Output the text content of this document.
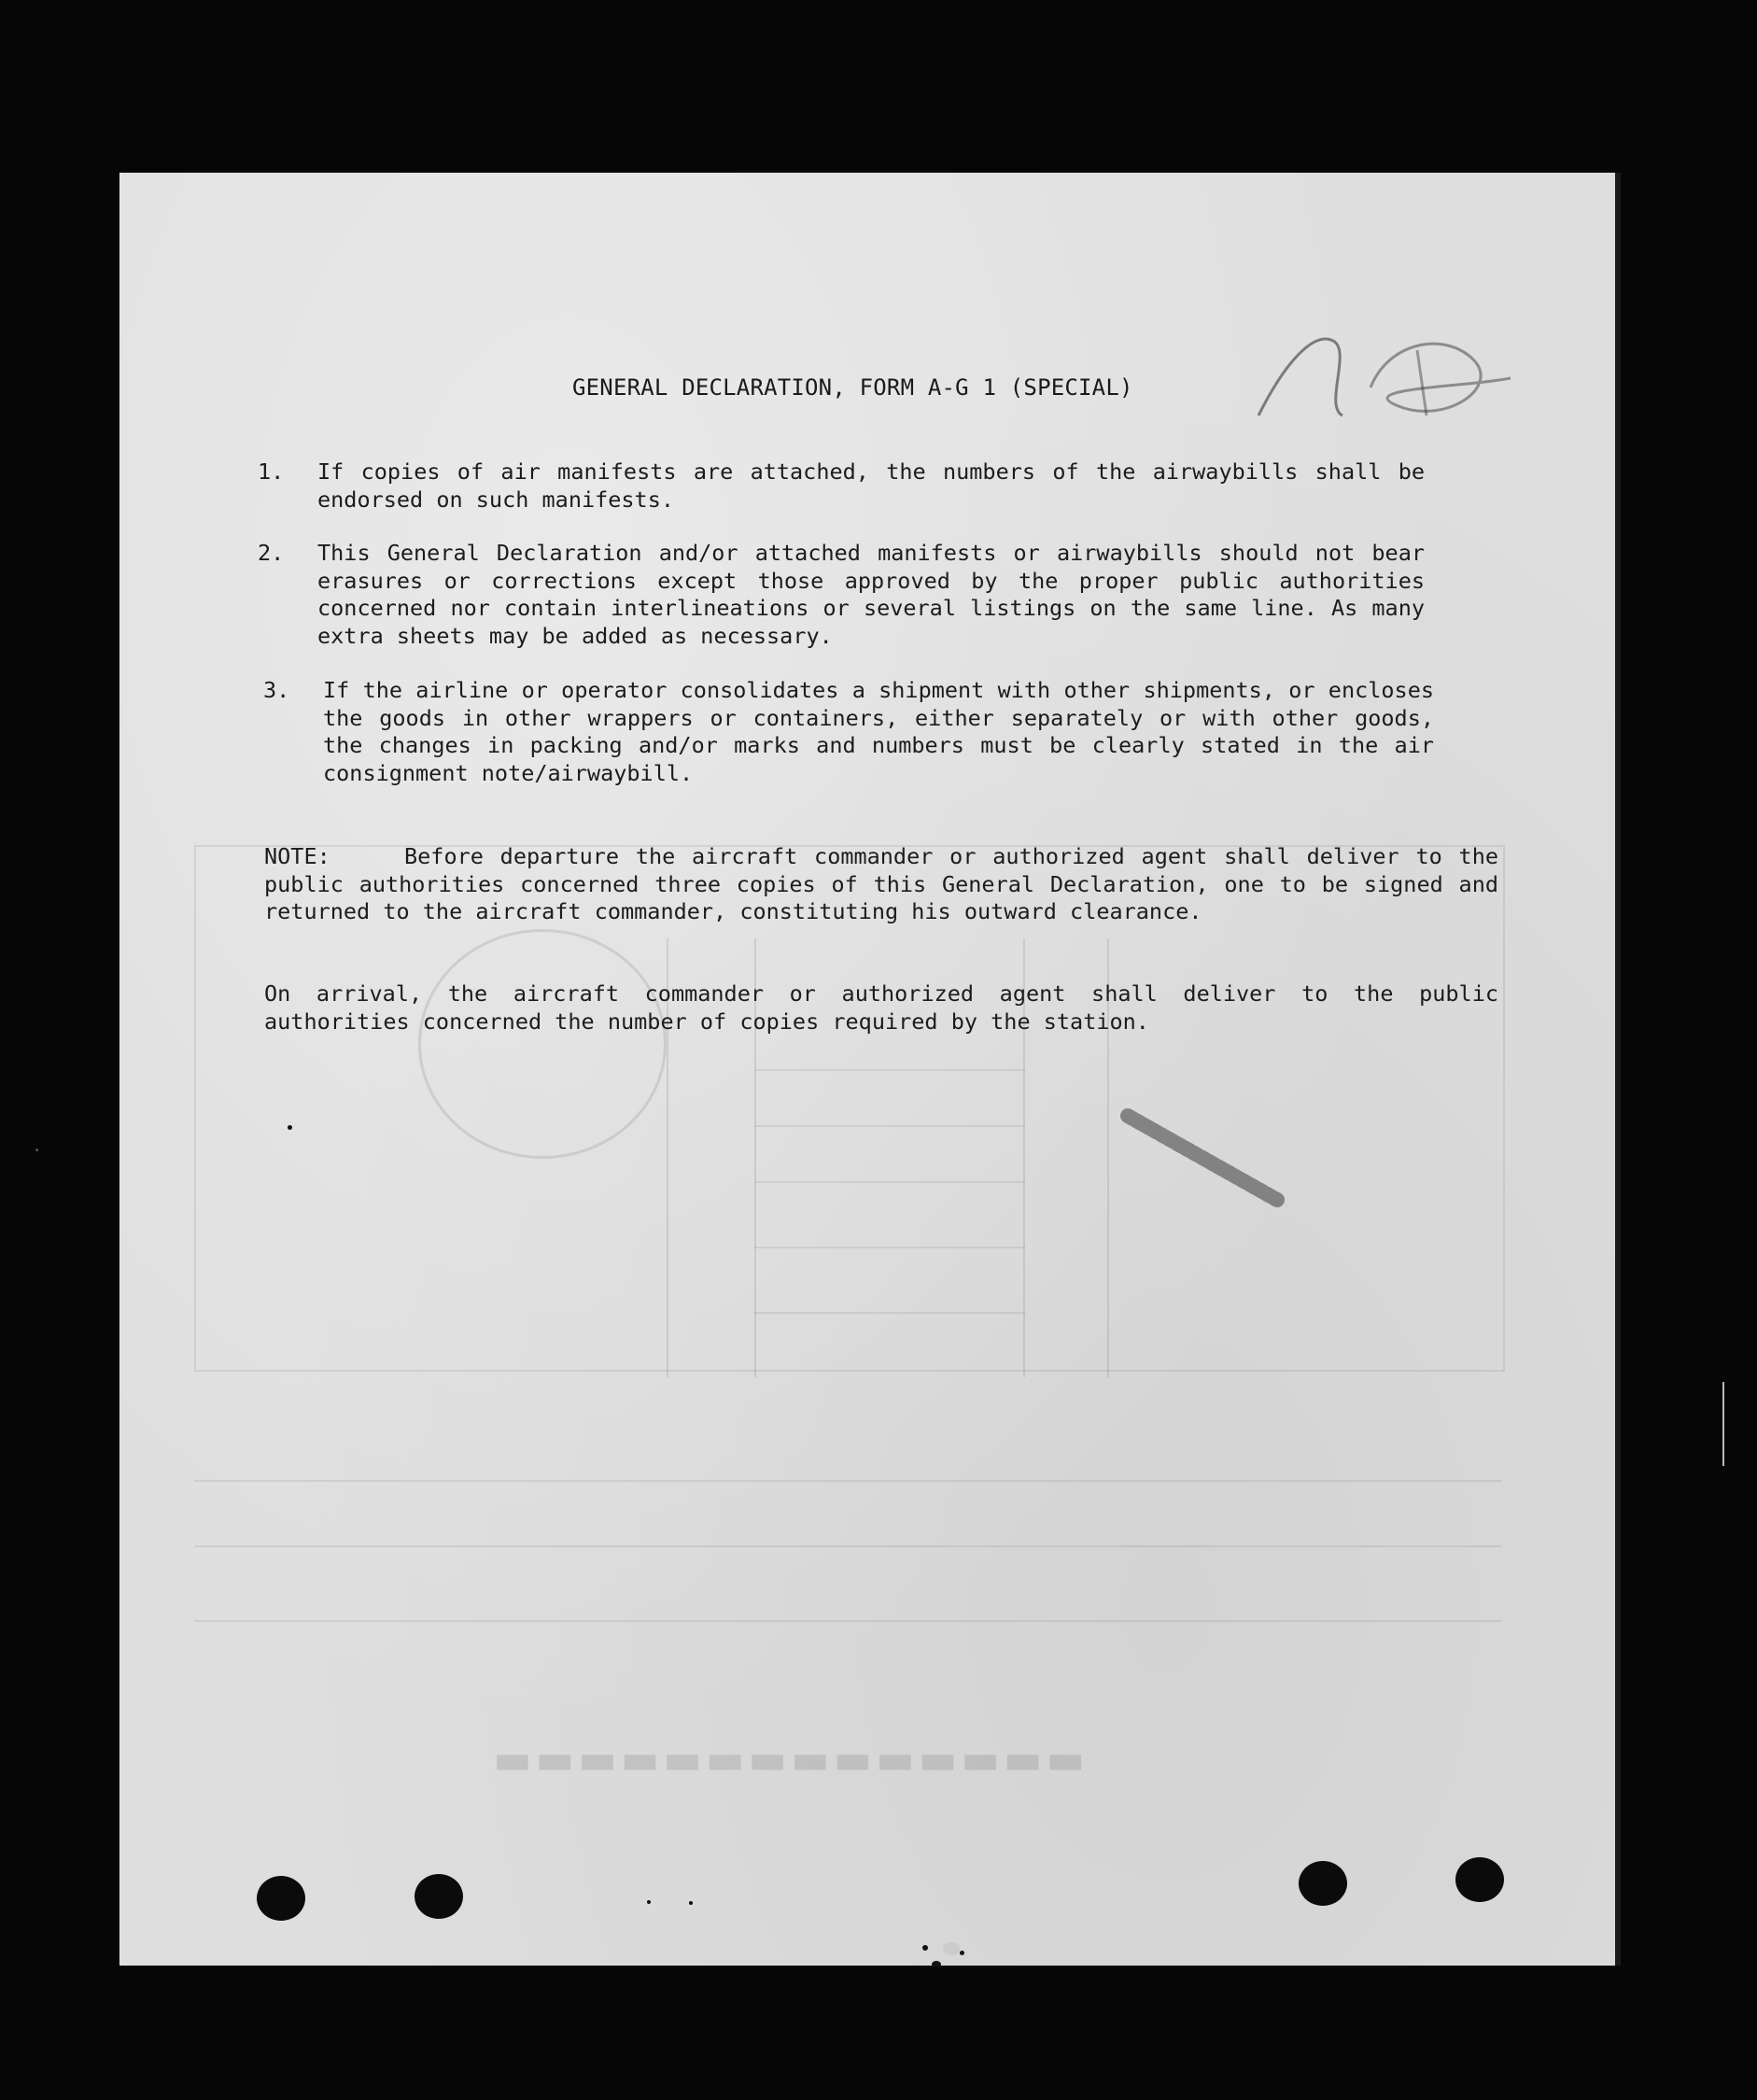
▬▬▬▬▬▬▬▬▬▬▬▬▬▬
GENERAL DECLARATION, FORM A-G 1 (SPECIAL)
1. If copies of air manifests are attached, the numbers of the airwaybills shall be endorsed on such manifests.
2. This General Declaration and/or attached manifests or airwaybills should not bear erasures or corrections except those approved by the proper public authorities concerned nor contain interlineations or several listings on the same line. As many extra sheets may be added as necessary.
3. If the airline or operator consolidates a shipment with other shipments, or encloses the goods in other wrappers or containers, either separately or with other goods, the changes in packing and/or marks and numbers must be clearly stated in the air consignment note/airwaybill.
NOTE:	Before departure the aircraft commander or authorized agent shall deliver to the public authorities concerned three copies of this General Declaration, one to be signed and returned to the aircraft commander, constituting his outward clearance.
On arrival, the aircraft commander or authorized agent shall deliver to the public authorities concerned the number of copies required by the station.
